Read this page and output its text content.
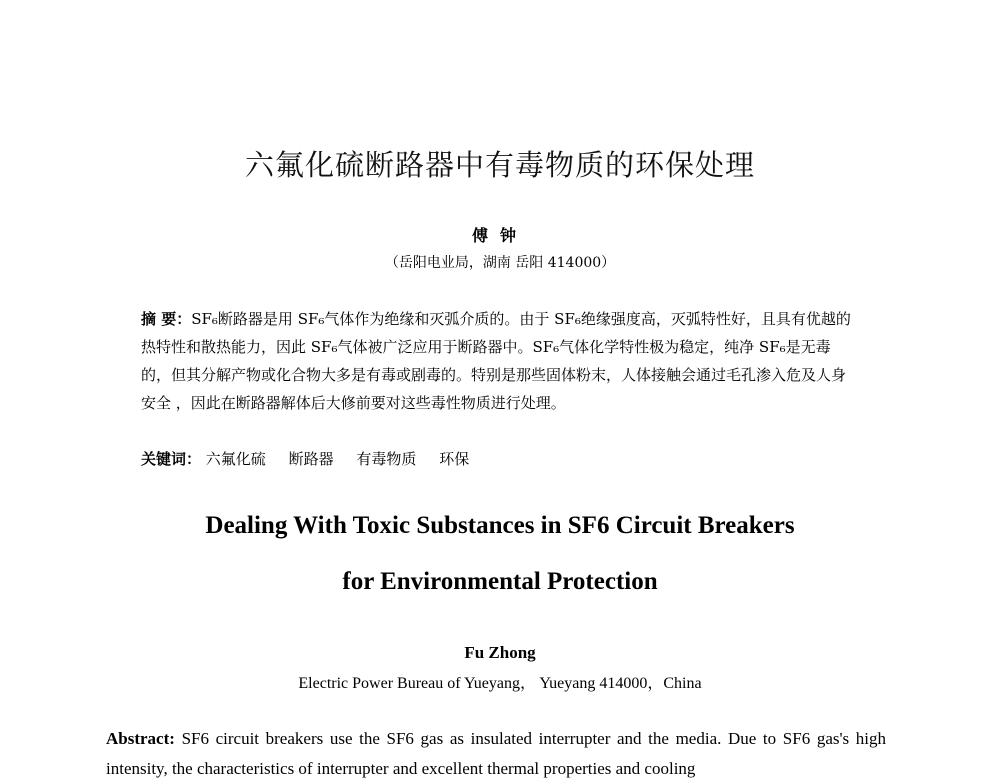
六氟化硫断路器中有毒物质的环保处理
傅钟
（岳阳电业局，湖南 岳阳 414000）
摘 要：SF₆断路器是用 SF₆气体作为绝缘和灭弧介质的。由于 SF₆绝缘强度高，灭弧特性好，且具有优越的热特性和散热能力，因此 SF₆气体被广泛应用于断路器中。SF₆气体化学特性极为稳定，纯净 SF₆是无毒的，但其分解产物或化合物大多是有毒或剧毒的。特别是那些固体粉末，人体接触会通过毛孔渗入危及人身安全 ，因此在断路器解体后大修前要对这些毒性物质进行处理。
关键词： 六氟化硫 断路器 有毒物质 环保
Dealing With Toxic Substances in SF6 Circuit Breakers
for Environmental Protection
Fu Zhong
Electric Power Bureau of Yueyang， Yueyang 414000，China
Abstract: SF6 circuit breakers use the SF6 gas as insulated interrupter and the media. Due to SF6 gas's high intensity, the characteristics of interrupter and excellent thermal properties and cooling
